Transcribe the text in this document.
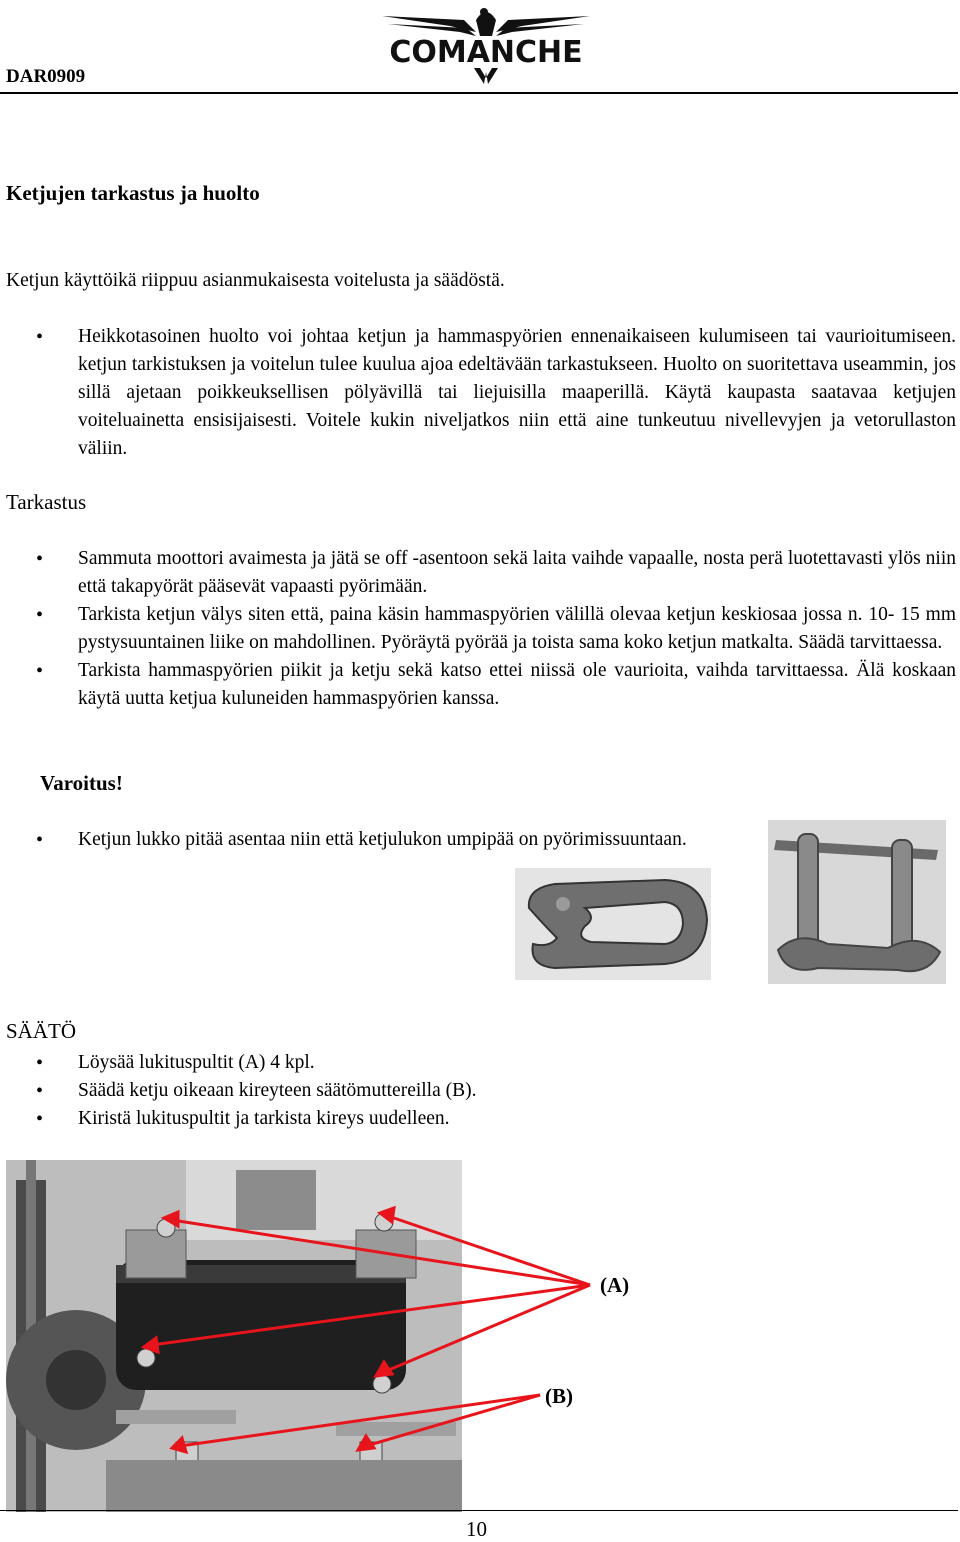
DAR0909
COMANCHE
Ketjujen tarkastus ja huolto
Ketjun käyttöikä riippuu asianmukaisesta voitelusta ja säädöstä.
• Heikkotasoinen huolto voi johtaa ketjun ja hammaspyörien ennenaikaiseen kulumiseen tai vaurioitumiseen. ketjun tarkistuksen ja voitelun tulee kuulua ajoa edeltävään tarkastukseen. Huolto on suoritettava useammin, jos sillä ajetaan poikkeuksellisen pölyävillä tai liejuisilla maaperillä. Käytä kaupasta saatavaa ketjujen voiteluainetta ensisijaisesti. Voitele kukin niveljatkos niin että aine tunkeutuu nivellevyjen ja vetorullaston väliin.
Tarkastus
• Sammuta moottori avaimesta ja jätä se off -asentoon sekä laita vaihde vapaalle, nosta perä luotettavasti ylös niin että takapyörät pääsevät vapaasti pyörimään.
• Tarkista ketjun välys siten että, paina käsin hammaspyörien välillä olevaa ketjun keskiosaa jossa n. 10- 15 mm pystysuuntainen liike on mahdollinen. Pyöräytä pyörää ja toista sama koko ketjun matkalta. Säädä tarvittaessa.
• Tarkista hammaspyörien piikit ja ketju sekä katso ettei niissä ole vaurioita, vaihda tarvittaessa. Älä koskaan käytä uutta ketjua kuluneiden hammaspyörien kanssa.
Varoitus!
• Ketjun lukko pitää asentaa niin että ketjulukon umpipää on pyörimissuuntaan.
SÄÄTÖ
• Löysää lukituspultit (A) 4 kpl.
• Säädä ketju oikeaan kireyteen säätömuttereilla (B).
• Kiristä lukituspultit ja tarkista kireys uudelleen.
(A)
(B)
10
